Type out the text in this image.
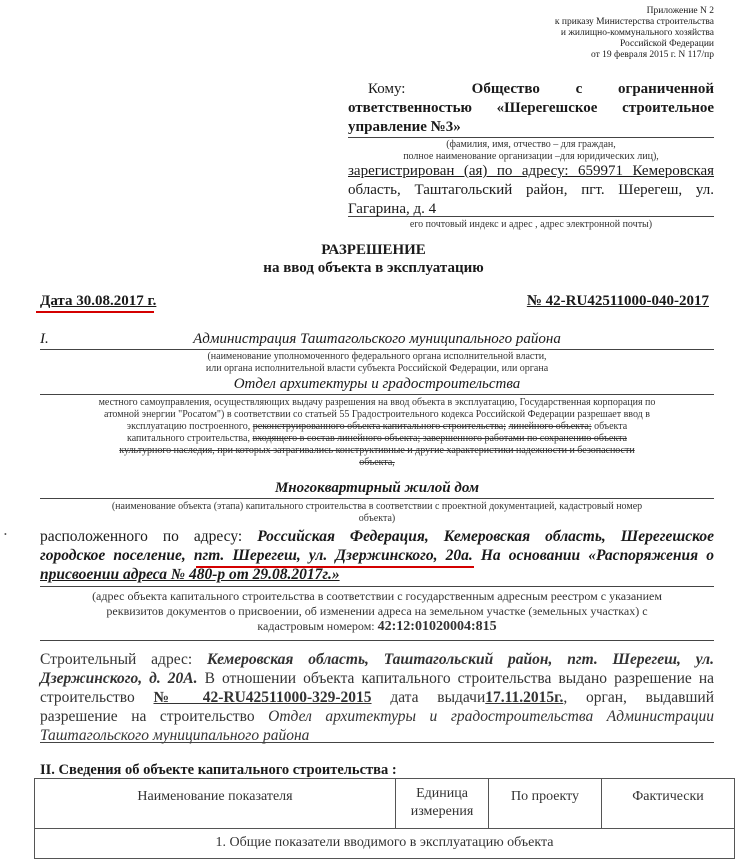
Приложение N 2
к приказу Министерства строительства
и жилищно-коммунального хозяйства
Российской Федерации
от 19 февраля 2015 г. N 117/пр
Кому:	Общество с ограниченной
ответственностью «Шерегешское строительное
управление №3»
(фамилия, имя, отчество – для граждан,
полное наименование организации –для юридических лиц),
зарегистрирован (ая) по адресу: 659971 Кемеровская
область, Таштагольский район, пгт. Шерегеш, ул.
Гагарина, д. 4
его почтовый индекс и адрес , адрес электронной почты)
РАЗРЕШЕНИЕ
на ввод объекта в эксплуатацию
Дата 30.08.2017 г.	№ 42-RU42511000-040-2017
I.	Администрация Таштагольского муниципального района
(наименование уполномоченного федерального органа исполнительной власти,
или органа исполнительной власти субъекта Российской Федерации, или органа
Отдел архитектуры и градостроительства
местного самоуправления, осуществляющих выдачу разрешения на ввод объекта в эксплуатацию, Государственная корпорация по
атомной энергии "Росатом") в соответствии со статьей 55 Градостроительного кодекса Российской Федерации разрешает ввод в
эксплуатацию построенного, реконструированного объекта капитального строительства; линейного объекта; объекта
капитального строительства, входящего в состав линейного объекта; завершенного работами по сохранению объекта
культурного наследия, при которых затрагивались конструктивные и другие характеристики надежности и безопасности
объекта,
Многоквартирный жилой дом
(наименование объекта (этапа) капитального строительства в соответствии с проектной документацией, кадастровый номер
объекта)
расположенного по адресу: Российская Федерация, Кемеровская область, Шерегешское
городское поселение, пгт. Шерегеш, ул. Дзержинского, 20а. На основании «Распоряжения о
присвоении адреса № 480-р от 29.08.2017г.»
(адрес объекта капитального строительства в соответствии с государственным адресным реестром с указанием
реквизитов документов о присвоении, об изменении адреса на земельном участке (земельных участках) с
кадастровым номером: 42:12:01020004:815
Строительный адрес: Кемеровская область, Таштагольский район, пгт. Шерегеш, ул.
Дзержинского, д. 20А. В отношении объекта капитального строительства выдано разрешение на
строительство № 42-RU42511000-329-2015 дата выдачи17.11.2015г., орган, выдавший
разрешение на строительство Отдел архитектуры и градостроительства Администрации
Таштагольского муниципального района
II. Сведения об объекте капитального строительства :
Наименование показателя	Единица
измерения
	По проекту	Фактически
1. Общие показатели вводимого в эксплуатацию объекта
•
